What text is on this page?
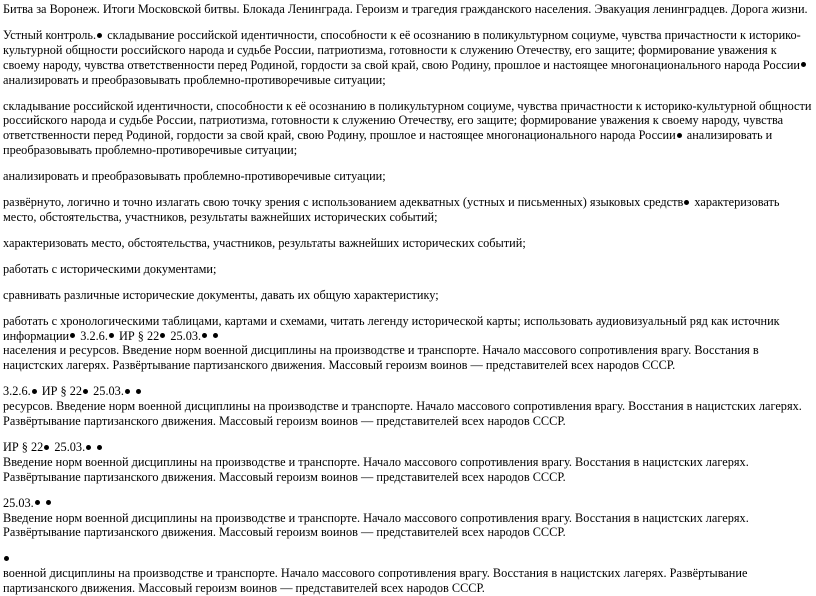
Битва за Воронеж. Итоги Московской битвы. Блокада Ленинграда. Героизм и трагедия гражданского населения. Эвакуация ленинградцев. Дорога жизни.

Устный контроль. складывание российской идентичности, способности к её осознанию в поликультурном социуме, чувства причастности к историко-культурной общности российского народа и судьбе России, патриотизма, готовности к служению Отечеству, его защите; формирование уважения к своему народу, чувства ответственности перед Родиной, гордости за свой край, свою Родину, прошлое и настоящее многонационального народа России анализировать и преобразовывать проблемно-противоречивые ситуации;

складывание российской идентичности, способности к её осознанию в поликультурном социуме, чувства причастности к историко-культурной общности российского народа и судьбе России, патриотизма, готовности к служению Отечеству, его защите; формирование уважения к своему народу, чувства ответственности перед Родиной, гордости за свой край, свою Родину, прошлое и настоящее многонационального народа России анализировать и преобразовывать проблемно-противоречивые ситуации;

анализировать и преобразовывать проблемно-противоречивые ситуации;

развёрнуто, логично и точно излагать свою точку зрения с использованием адекватных (устных и письменных) языковых средств характеризовать место, обстоятельства, участников, результаты важнейших исторических событий;

характеризовать место, обстоятельства, участников, результаты важнейших исторических событий;

работать с историческими документами;

сравнивать различные исторические документы, давать их общую характеристику;

работать с хронологическими таблицами, картами и схемами, читать легенду исторической карты; использовать аудиовизуальный ряд как источник информации 3.2.6. ИР § 22 25.03.
населения и ресурсов. Введение норм военной дисциплины на производстве и транспорте. Начало массового сопротивления врагу. Восстания в нацистских лагерях. Развёртывание партизанского движения. Массовый героизм воинов — представителей всех народов СССР.

3.2.6. ИР § 22 25.03.
ресурсов. Введение норм военной дисциплины на производстве и транспорте. Начало массового сопротивления врагу. Восстания в нацистских лагерях. Развёртывание партизанского движения. Массовый героизм воинов — представителей всех народов СССР.

ИР § 22 25.03.
Введение норм военной дисциплины на производстве и транспорте. Начало массового сопротивления врагу. Восстания в нацистских лагерях. Развёртывание партизанского движения. Массовый героизм воинов — представителей всех народов СССР.

25.03.
Введение норм военной дисциплины на производстве и транспорте. Начало массового сопротивления врагу. Восстания в нацистских лагерях. Развёртывание партизанского движения. Массовый героизм воинов — представителей всех народов СССР.

военной дисциплины на производстве и транспорте. Начало массового сопротивления врагу. Восстания в нацистских лагерях. Развёртывание партизанского движения. Массовый героизм воинов — представителей всех народов СССР.
